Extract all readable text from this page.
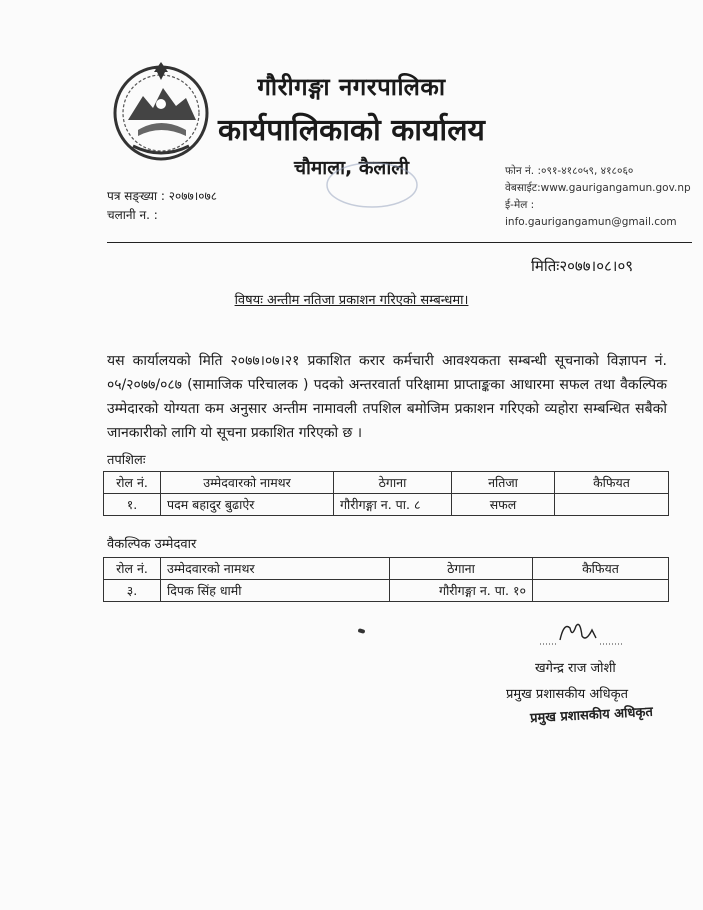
गौरीगङ्गा नगरपालिका
कार्यपालिकाको कार्यालय
चौमाला, कैलाली	फोन नं. :०९१-४१८०५९, ४१८०६०
वेबसाईट:www.gaurigangamun.gov.np
ई-मेल : info.gaurigangamun@gmail.com
पत्र सङ्ख्या : २०७७।०७८
चलानी न. :
मितिः२०७७।०८।०९
विषयः अन्तीम नतिजा प्रकाशन गरिएको सम्बन्धमा।
यस कार्यालयको मिति २०७७।०७।२१ प्रकाशित करार कर्मचारी आवश्यकता सम्बन्धी सूचनाको विज्ञापन नं. ०५/२०७७/०८७ (सामाजिक परिचालक ) पदको अन्तरवार्ता परिक्षामा प्राप्ताङ्कका आधारमा सफल तथा वैकल्पिक उम्मेदारको योग्यता कम अनुसार अन्तीम नामावली तपशिल बमोजिम प्रकाशन गरिएको व्यहोरा सम्बन्धित सबैको जानकारीको लागि यो सूचना प्रकाशित गरिएको छ ।
तपशिलः
रोल नं.	उम्मेदवारको नामथर	ठेगाना	नतिजा	कैफियत
१.	पदम बहादुर बुढाऐर	गौरीगङ्गा न. पा. ८	सफल	
वैकल्पिक उम्मेदवार
रोल नं.	उम्मेदवारको नामथर	ठेगाना	कैफियत
३.	दिपक सिंह धामी	गौरीगङ्गा न. पा. १०	
खगेन्द्र राज जोशी
प्रमुख प्रशासकीय अधिकृत
प्रमुख प्रशासकीय अधिकृत
